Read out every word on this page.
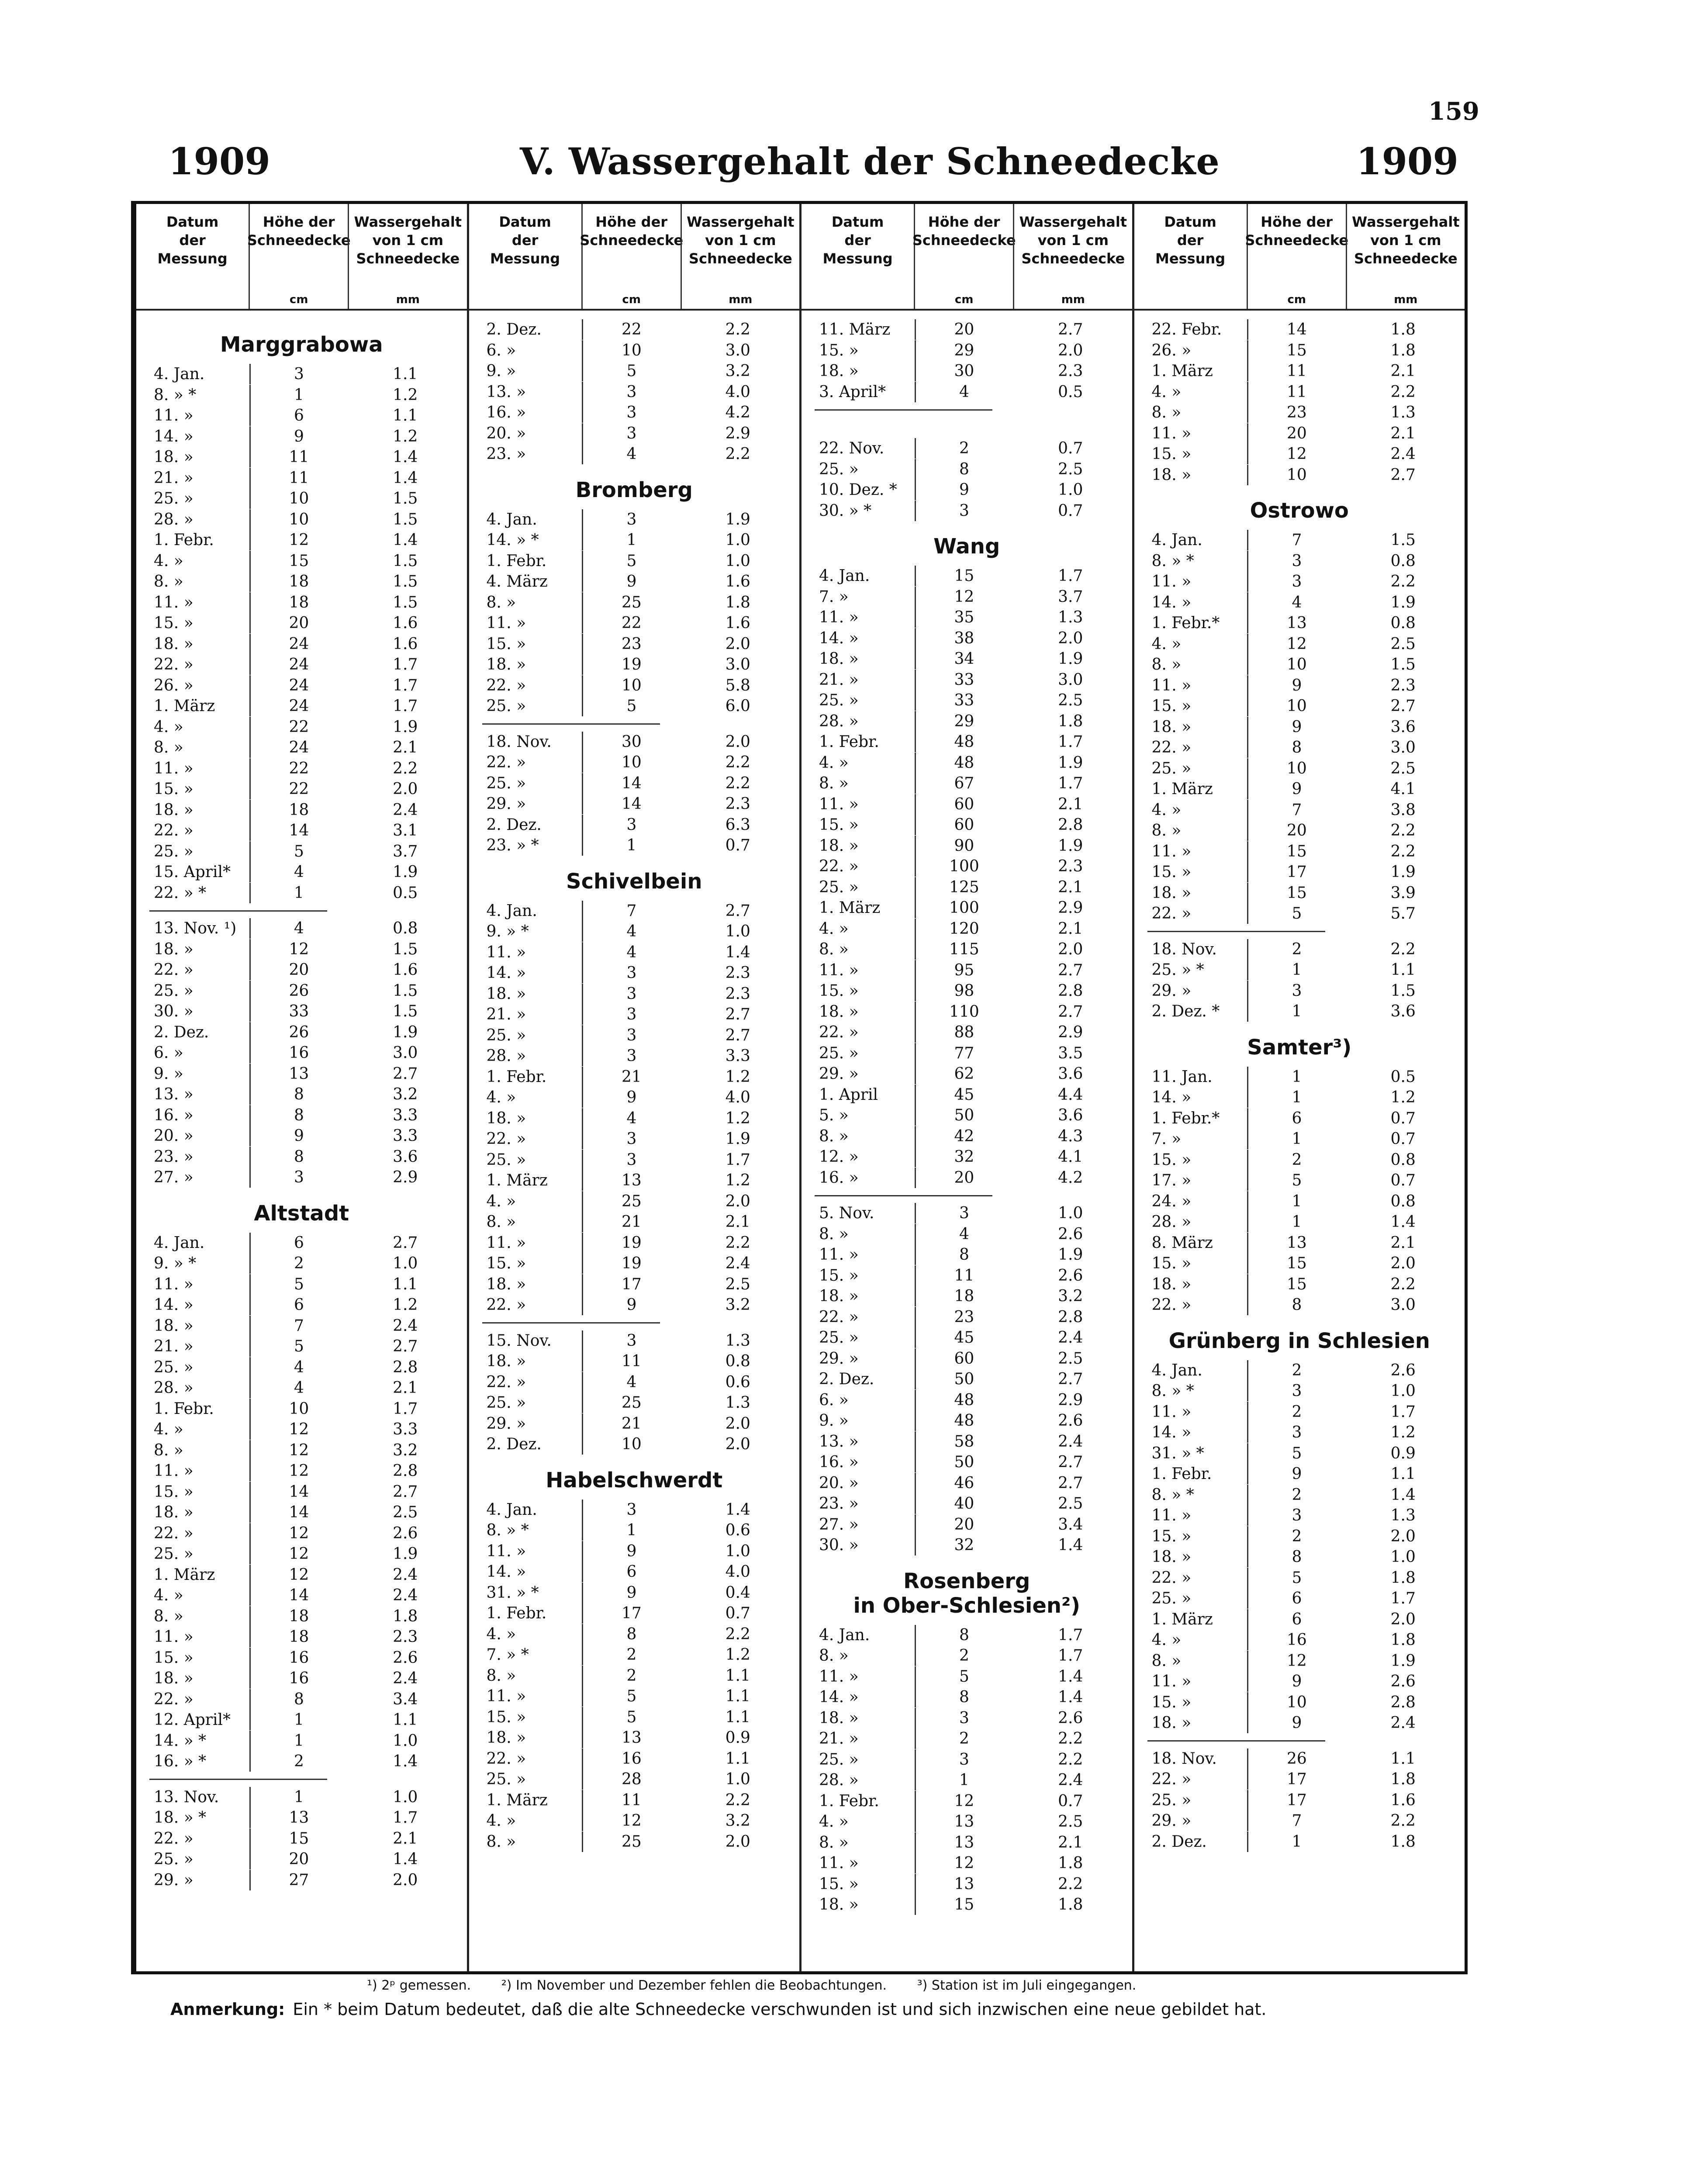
159
1909	V. Wassergehalt der Schneedecke	1909
Datum
der
Messung
Höhe der
Schneedecke
cm
Wassergehalt
von 1 cm
Schneedecke
mm
Marggrabowa
4. Jan.	3	1.1
8. » *	1	1.2
11. »	6	1.1
14. »	9	1.2
18. »	11	1.4
21. »	11	1.4
25. »	10	1.5
28. »	10	1.5
1. Febr.	12	1.4
4. »	15	1.5
8. »	18	1.5
11. »	18	1.5
15. »	20	1.6
18. »	24	1.6
22. »	24	1.7
26. »	24	1.7
1. März	24	1.7
4. »	22	1.9
8. »	24	2.1
11. »	22	2.2
15. »	22	2.0
18. »	18	2.4
22. »	14	3.1
25. »	5	3.7
15. April*	4	1.9
22. » *	1	0.5
13. Nov. ¹)	4	0.8
18. »	12	1.5
22. »	20	1.6
25. »	26	1.5
30. »	33	1.5
2. Dez.	26	1.9
6. »	16	3.0
9. »	13	2.7
13. »	8	3.2
16. »	8	3.3
20. »	9	3.3
23. »	8	3.6
27. »	3	2.9
Altstadt
4. Jan.	6	2.7
9. » *	2	1.0
11. »	5	1.1
14. »	6	1.2
18. »	7	2.4
21. »	5	2.7
25. »	4	2.8
28. »	4	2.1
1. Febr.	10	1.7
4. »	12	3.3
8. »	12	3.2
11. »	12	2.8
15. »	14	2.7
18. »	14	2.5
22. »	12	2.6
25. »	12	1.9
1. März	12	2.4
4. »	14	2.4
8. »	18	1.8
11. »	18	2.3
15. »	16	2.6
18. »	16	2.4
22. »	8	3.4
12. April*	1	1.1
14. » *	1	1.0
16. » *	2	1.4
13. Nov.	1	1.0
18. » *	13	1.7
22. »	15	2.1
25. »	20	1.4
29. »	27	2.0
Datum
der
Messung
Höhe der
Schneedecke
cm
Wassergehalt
von 1 cm
Schneedecke
mm
2. Dez.	22	2.2
6. »	10	3.0
9. »	5	3.2
13. »	3	4.0
16. »	3	4.2
20. »	3	2.9
23. »	4	2.2
Bromberg
4. Jan.	3	1.9
14. » *	1	1.0
1. Febr.	5	1.0
4. März	9	1.6
8. »	25	1.8
11. »	22	1.6
15. »	23	2.0
18. »	19	3.0
22. »	10	5.8
25. »	5	6.0
18. Nov.	30	2.0
22. »	10	2.2
25. »	14	2.2
29. »	14	2.3
2. Dez.	3	6.3
23. » *	1	0.7
Schivelbein
4. Jan.	7	2.7
9. » *	4	1.0
11. »	4	1.4
14. »	3	2.3
18. »	3	2.3
21. »	3	2.7
25. »	3	2.7
28. »	3	3.3
1. Febr.	21	1.2
4. »	9	4.0
18. »	4	1.2
22. »	3	1.9
25. »	3	1.7
1. März	13	1.2
4. »	25	2.0
8. »	21	2.1
11. »	19	2.2
15. »	19	2.4
18. »	17	2.5
22. »	9	3.2
15. Nov.	3	1.3
18. »	11	0.8
22. »	4	0.6
25. »	25	1.3
29. »	21	2.0
2. Dez.	10	2.0
Habelschwerdt
4. Jan.	3	1.4
8. » *	1	0.6
11. »	9	1.0
14. »	6	4.0
31. » *	9	0.4
1. Febr.	17	0.7
4. »	8	2.2
7. » *	2	1.2
8. »	2	1.1
11. »	5	1.1
15. »	5	1.1
18. »	13	0.9
22. »	16	1.1
25. »	28	1.0
1. März	11	2.2
4. »	12	3.2
8. »	25	2.0
Datum
der
Messung
Höhe der
Schneedecke
cm
Wassergehalt
von 1 cm
Schneedecke
mm
11. März	20	2.7
15. »	29	2.0
18. »	30	2.3
3. April*	4	0.5
22. Nov.	2	0.7
25. »	8	2.5
10. Dez. *	9	1.0
30. » *	3	0.7
Wang
4. Jan.	15	1.7
7. »	12	3.7
11. »	35	1.3
14. »	38	2.0
18. »	34	1.9
21. »	33	3.0
25. »	33	2.5
28. »	29	1.8
1. Febr.	48	1.7
4. »	48	1.9
8. »	67	1.7
11. »	60	2.1
15. »	60	2.8
18. »	90	1.9
22. »	100	2.3
25. »	125	2.1
1. März	100	2.9
4. »	120	2.1
8. »	115	2.0
11. »	95	2.7
15. »	98	2.8
18. »	110	2.7
22. »	88	2.9
25. »	77	3.5
29. »	62	3.6
1. April	45	4.4
5. »	50	3.6
8. »	42	4.3
12. »	32	4.1
16. »	20	4.2
5. Nov.	3	1.0
8. »	4	2.6
11. »	8	1.9
15. »	11	2.6
18. »	18	3.2
22. »	23	2.8
25. »	45	2.4
29. »	60	2.5
2. Dez.	50	2.7
6. »	48	2.9
9. »	48	2.6
13. »	58	2.4
16. »	50	2.7
20. »	46	2.7
23. »	40	2.5
27. »	20	3.4
30. »	32	1.4
Rosenberg
in Ober-Schlesien²)
4. Jan.	8	1.7
8. »	2	1.7
11. »	5	1.4
14. »	8	1.4
18. »	3	2.6
21. »	2	2.2
25. »	3	2.2
28. »	1	2.4
1. Febr.	12	0.7
4. »	13	2.5
8. »	13	2.1
11. »	12	1.8
15. »	13	2.2
18. »	15	1.8
Datum
der
Messung
Höhe der
Schneedecke
cm
Wassergehalt
von 1 cm
Schneedecke
mm
22. Febr.	14	1.8
26. »	15	1.8
1. März	11	2.1
4. »	11	2.2
8. »	23	1.3
11. »	20	2.1
15. »	12	2.4
18. »	10	2.7
Ostrowo
4. Jan.	7	1.5
8. » *	3	0.8
11. »	3	2.2
14. »	4	1.9
1. Febr.*	13	0.8
4. »	12	2.5
8. »	10	1.5
11. »	9	2.3
15. »	10	2.7
18. »	9	3.6
22. »	8	3.0
25. »	10	2.5
1. März	9	4.1
4. »	7	3.8
8. »	20	2.2
11. »	15	2.2
15. »	17	1.9
18. »	15	3.9
22. »	5	5.7
18. Nov.	2	2.2
25. » *	1	1.1
29. »	3	1.5
2. Dez. *	1	3.6
Samter³)
11. Jan.	1	0.5
14. »	1	1.2
1. Febr.*	6	0.7
7. »	1	0.7
15. »	2	0.8
17. »	5	0.7
24. »	1	0.8
28. »	1	1.4
8. März	13	2.1
15. »	15	2.0
18. »	15	2.2
22. »	8	3.0
Grünberg in Schlesien
4. Jan.	2	2.6
8. » *	3	1.0
11. »	2	1.7
14. »	3	1.2
31. » *	5	0.9
1. Febr.	9	1.1
8. » *	2	1.4
11. »	3	1.3
15. »	2	2.0
18. »	8	1.0
22. »	5	1.8
25. »	6	1.7
1. März	6	2.0
4. »	16	1.8
8. »	12	1.9
11. »	9	2.6
15. »	10	2.8
18. »	9	2.4
18. Nov.	26	1.1
22. »	17	1.8
25. »	17	1.6
29. »	7	2.2
2. Dez.	1	1.8
¹) 2ᵖ gemessen. ²) Im November und Dezember fehlen die Beobachtungen. ³) Station ist im Juli eingegangen.
Anmerkung: Ein * beim Datum bedeutet, daß die alte Schneedecke verschwunden ist und sich inzwischen eine neue gebildet hat.
